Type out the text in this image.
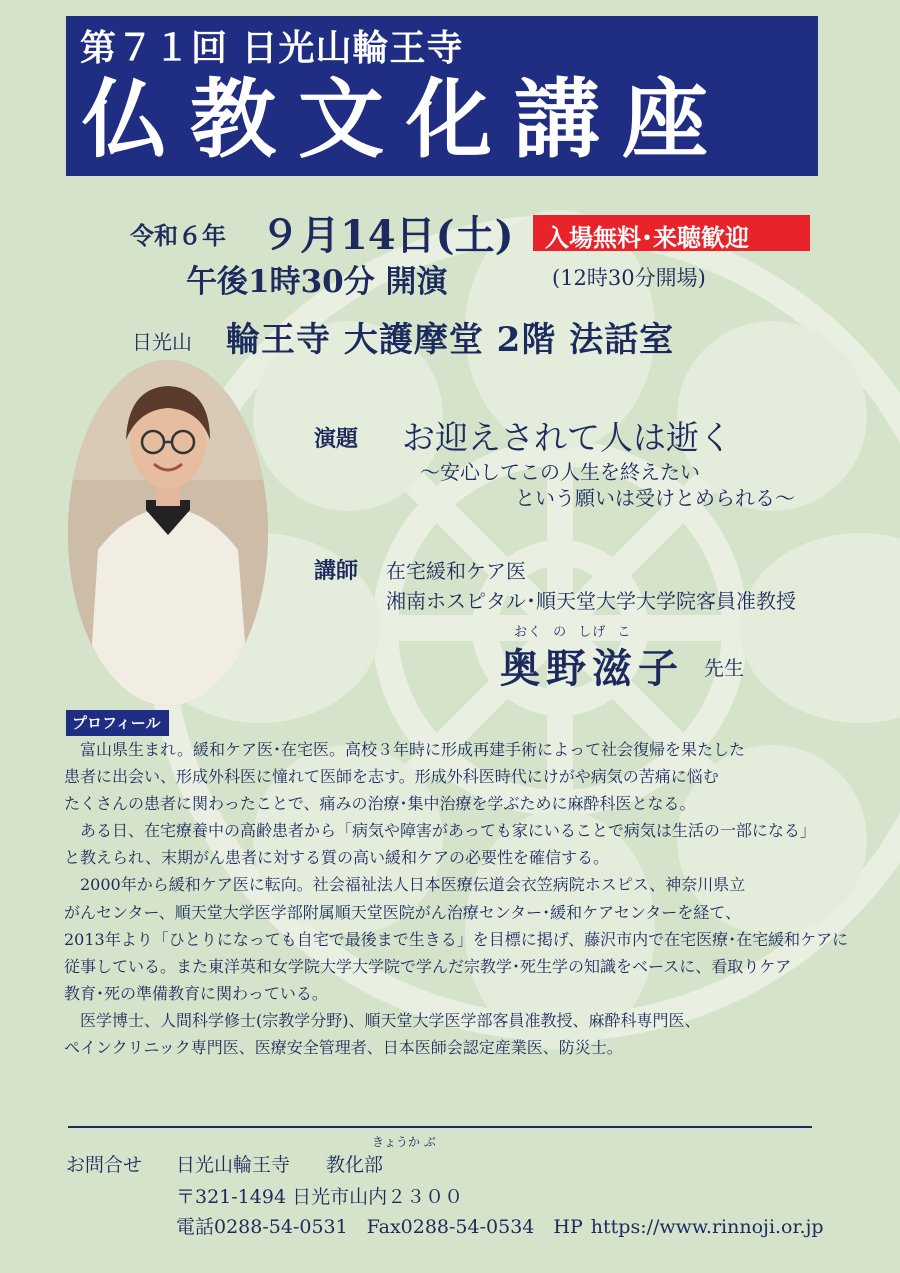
第７１回 日光山輪王寺
仏教文化講座
令和６年 ９月14日(土) 入場無料･来聴歓迎
午後1時30分 開演	(12時30分開場)
日光山 輪王寺 大護摩堂 2階 法話室
演題 お迎えされて人は逝く
～安心してこの人生を終えたい
という願いは受けとめられる～
講師 在宅緩和ケア医
湘南ホスピタル･順天堂大学大学院客員准教授
おく の しげ こ
奥野滋子 先生
プロフィール

　富山県生まれ。緩和ケア医･在宅医。高校３年時に形成再建手術によって社会復帰を果たした

患者に出会い、形成外科医に憧れて医師を志す。形成外科医時代にけがや病気の苦痛に悩む

たくさんの患者に関わったことで、痛みの治療･集中治療を学ぶために麻酔科医となる。

　ある日、在宅療養中の高齢患者から「病気や障害があっても家にいることで病気は生活の一部になる」

と教えられ、末期がん患者に対する質の高い緩和ケアの必要性を確信する。

　2000年から緩和ケア医に転向。社会福祉法人日本医療伝道会衣笠病院ホスピス、神奈川県立

がんセンター、順天堂大学医学部附属順天堂医院がん治療センター･緩和ケアセンターを経て、

2013年より「ひとりになっても自宅で最後まで生きる」を目標に掲げ、藤沢市内で在宅医療･在宅緩和ケアに

従事している。また東洋英和女学院大学大学院で学んだ宗教学･死生学の知識をベースに、看取りケア

教育･死の準備教育に関わっている。

　医学博士、人間科学修士(宗教学分野)、順天堂大学医学部客員准教授、麻酔科専門医、

ペインクリニック専門医、医療安全管理者、日本医師会認定産業医、防災士。

お問合せ 日光山輪王寺
きょうか ぶ
教化部
〒321-1494 日光市山内２３００
電話0288-54-0531　Fax0288-54-0534　HP https://www.rinnoji.or.jp
